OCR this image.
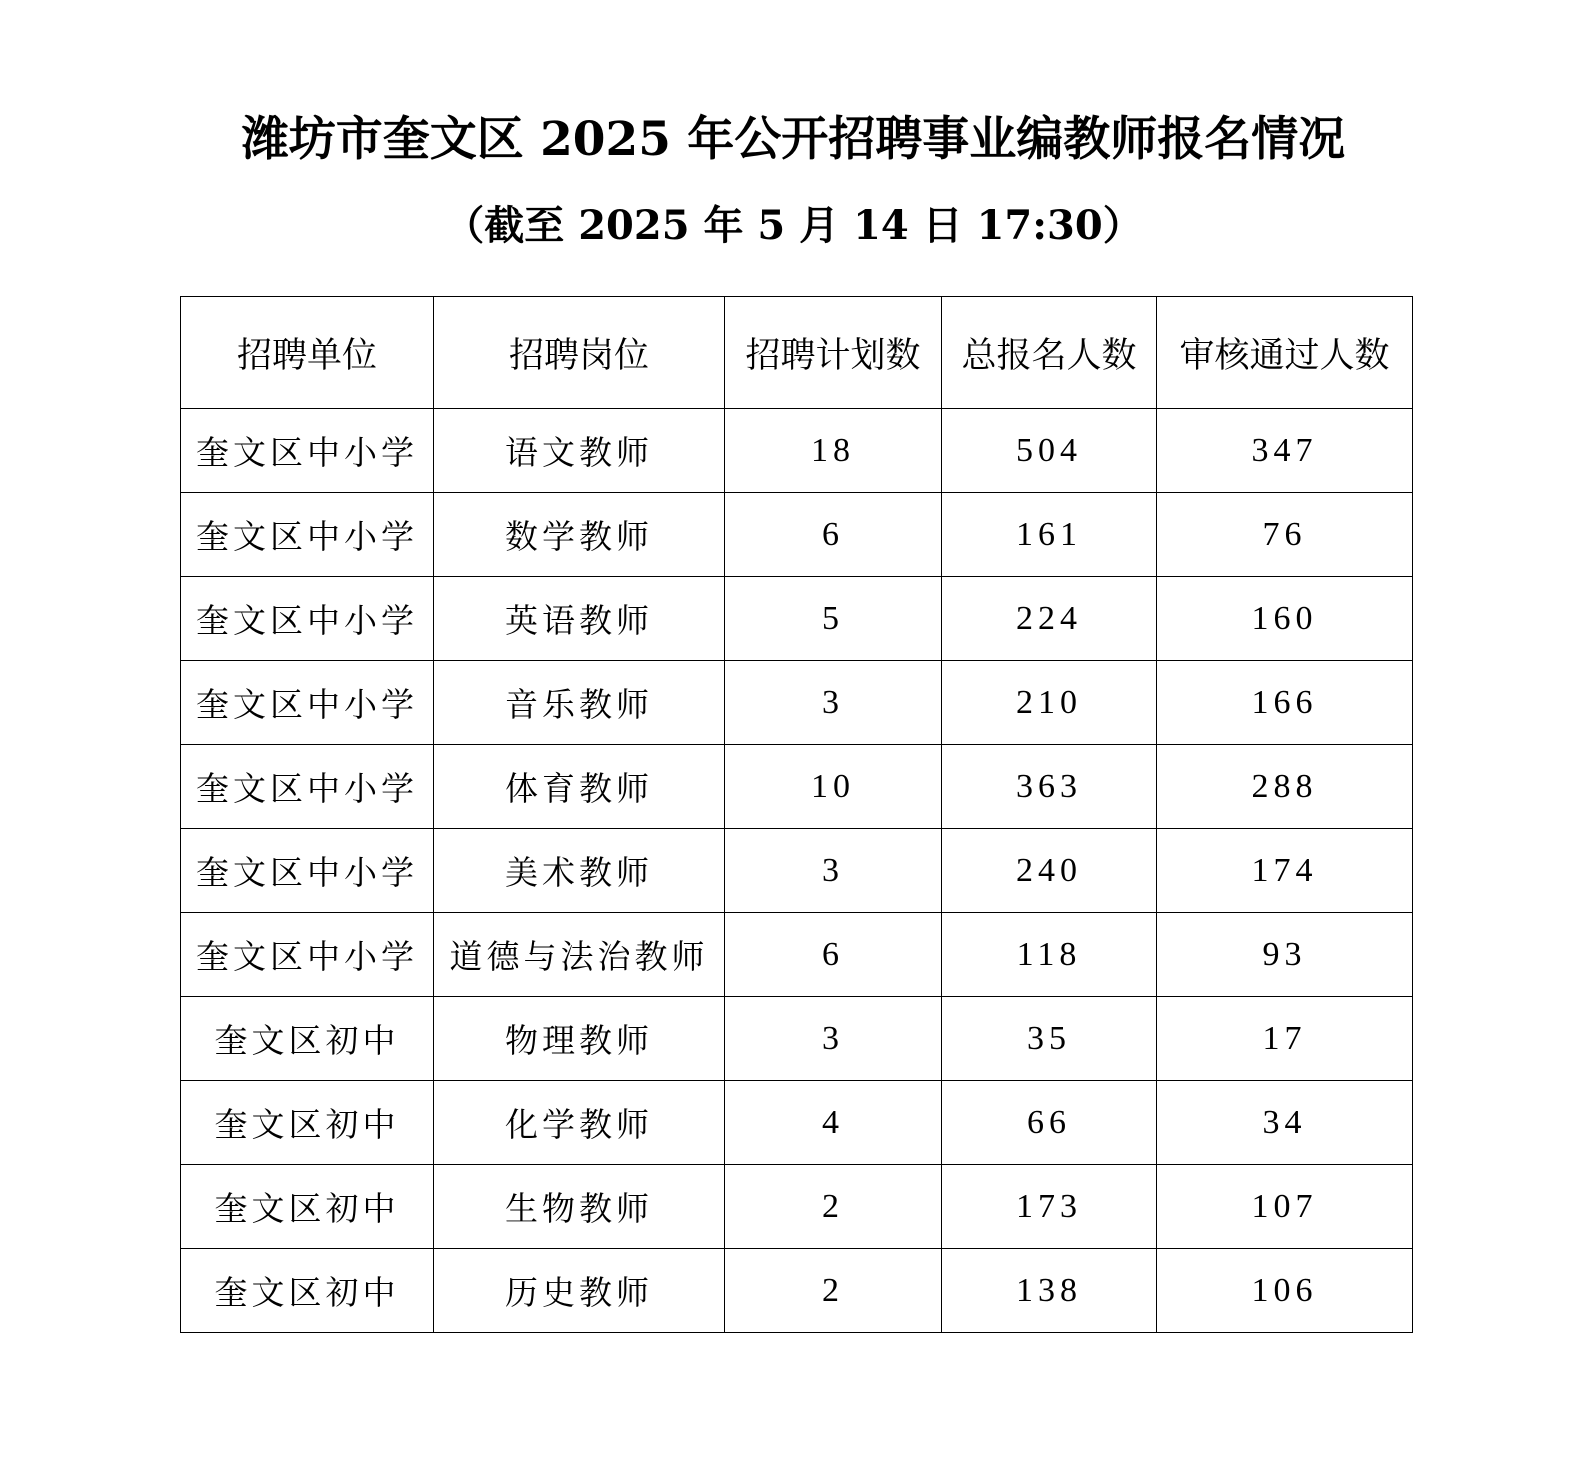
潍坊市奎文区 2025 年公开招聘事业编教师报名情况
（截至 2025 年 5 月 14 日 17:30）
招聘单位	招聘岗位	招聘计划数	总报名人数	审核通过人数
奎文区中小学	语文教师	18	504	347
奎文区中小学	数学教师	6	161	76
奎文区中小学	英语教师	5	224	160
奎文区中小学	音乐教师	3	210	166
奎文区中小学	体育教师	10	363	288
奎文区中小学	美术教师	3	240	174
奎文区中小学	道德与法治教师	6	118	93
奎文区初中	物理教师	3	35	17
奎文区初中	化学教师	4	66	34
奎文区初中	生物教师	2	173	107
奎文区初中	历史教师	2	138	106
